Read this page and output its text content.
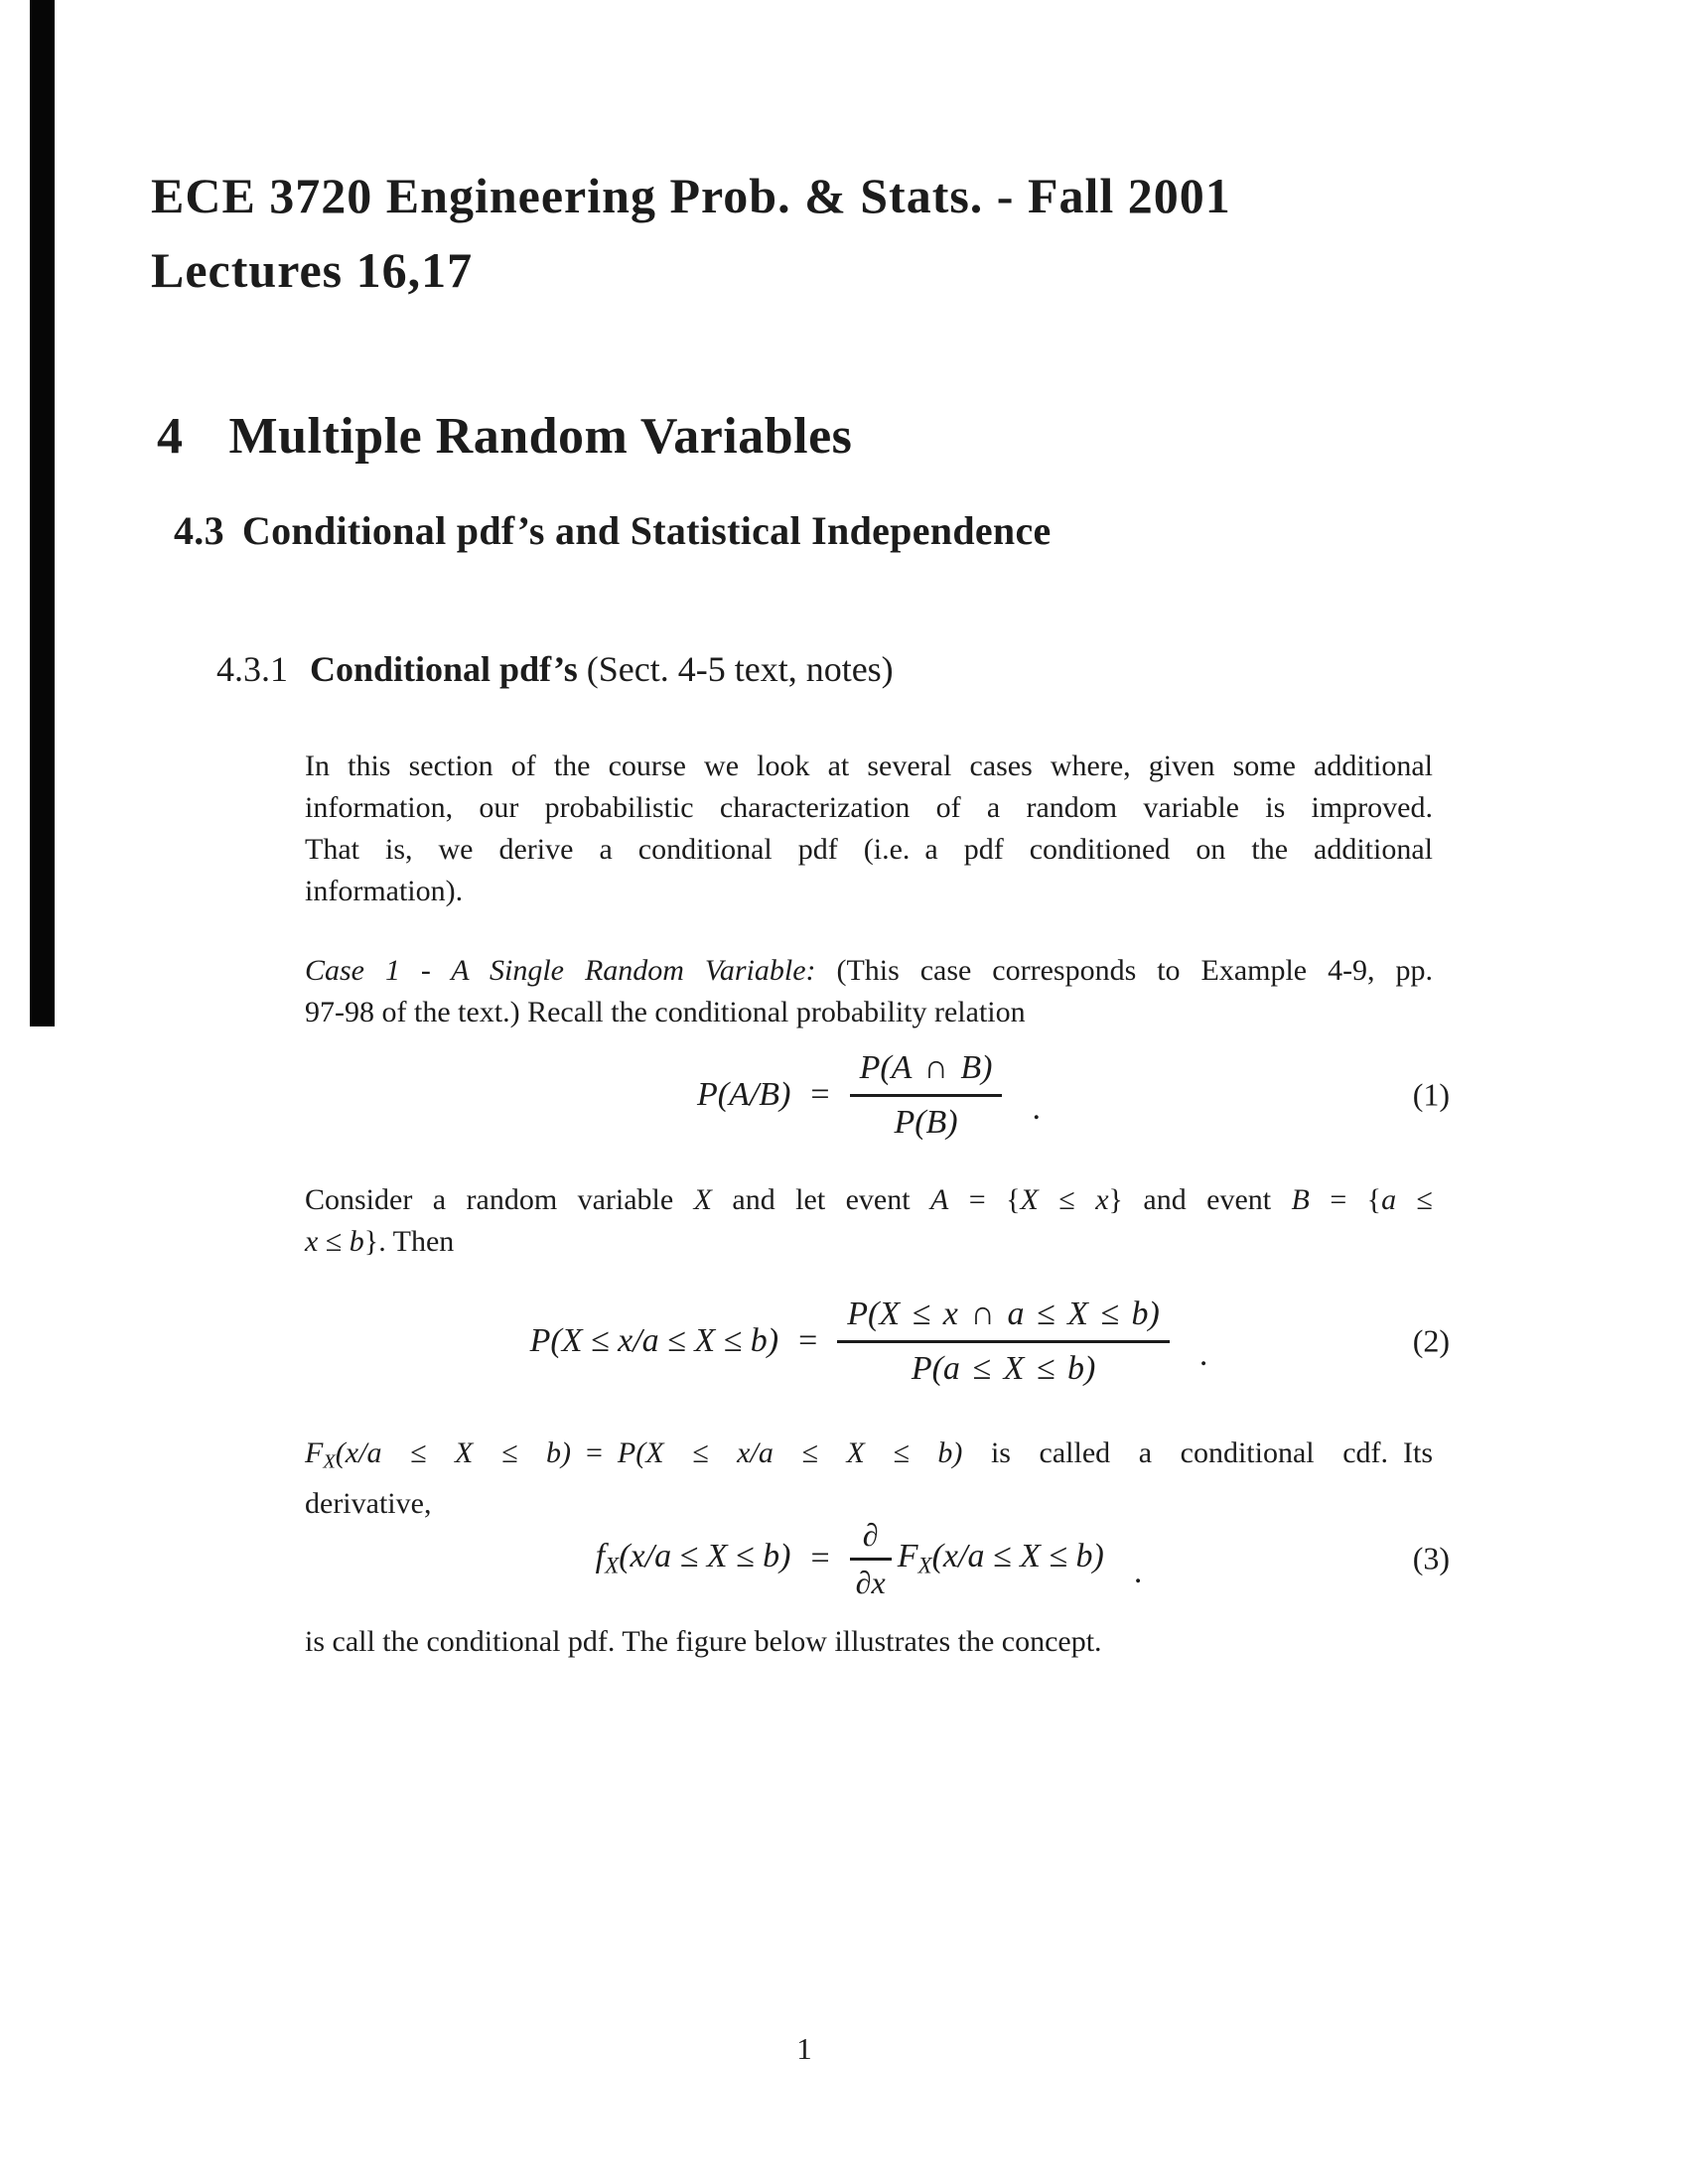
ECE 3720 Engineering Prob. & Stats. - Fall 2001
Lectures 16,17
4 Multiple Random Variables
4.3 Conditional pdf’s and Statistical Independence
4.3.1 Conditional pdf’s (Sect. 4-5 text, notes)
In this section of the course we look at several cases where, given some additional
information, our probabilistic characterization of a random variable is improved.
That is, we derive a conditional pdf (i.e. a pdf conditioned on the additional
information).
Case 1 - A Single Random Variable: (This case corresponds to Example 4-9, pp.
97-98 of the text.) Recall the conditional probability relation
$P(A/B) = \frac{P(A \cap B)}{P(B)}$ .	(1)
Consider a random variable X and let event A = {X ≤ x} and event B = {a ≤
x ≤ b}. Then
$P(X \le x/a \le X \le b) = \frac{P(X \le x \cap a \le X \le b)}{P(a \le X \le b)}$ .	(2)
FX(x/a ≤ X ≤ b) = P(X ≤ x/a ≤ X ≤ b) is called a conditional cdf. Its
derivative,
fX(x/a ≤ X ≤ b) =
∂
∂x
FX(x/a ≤ X ≤ b) .	(3)
is call the conditional pdf. The figure below illustrates the concept.
1
